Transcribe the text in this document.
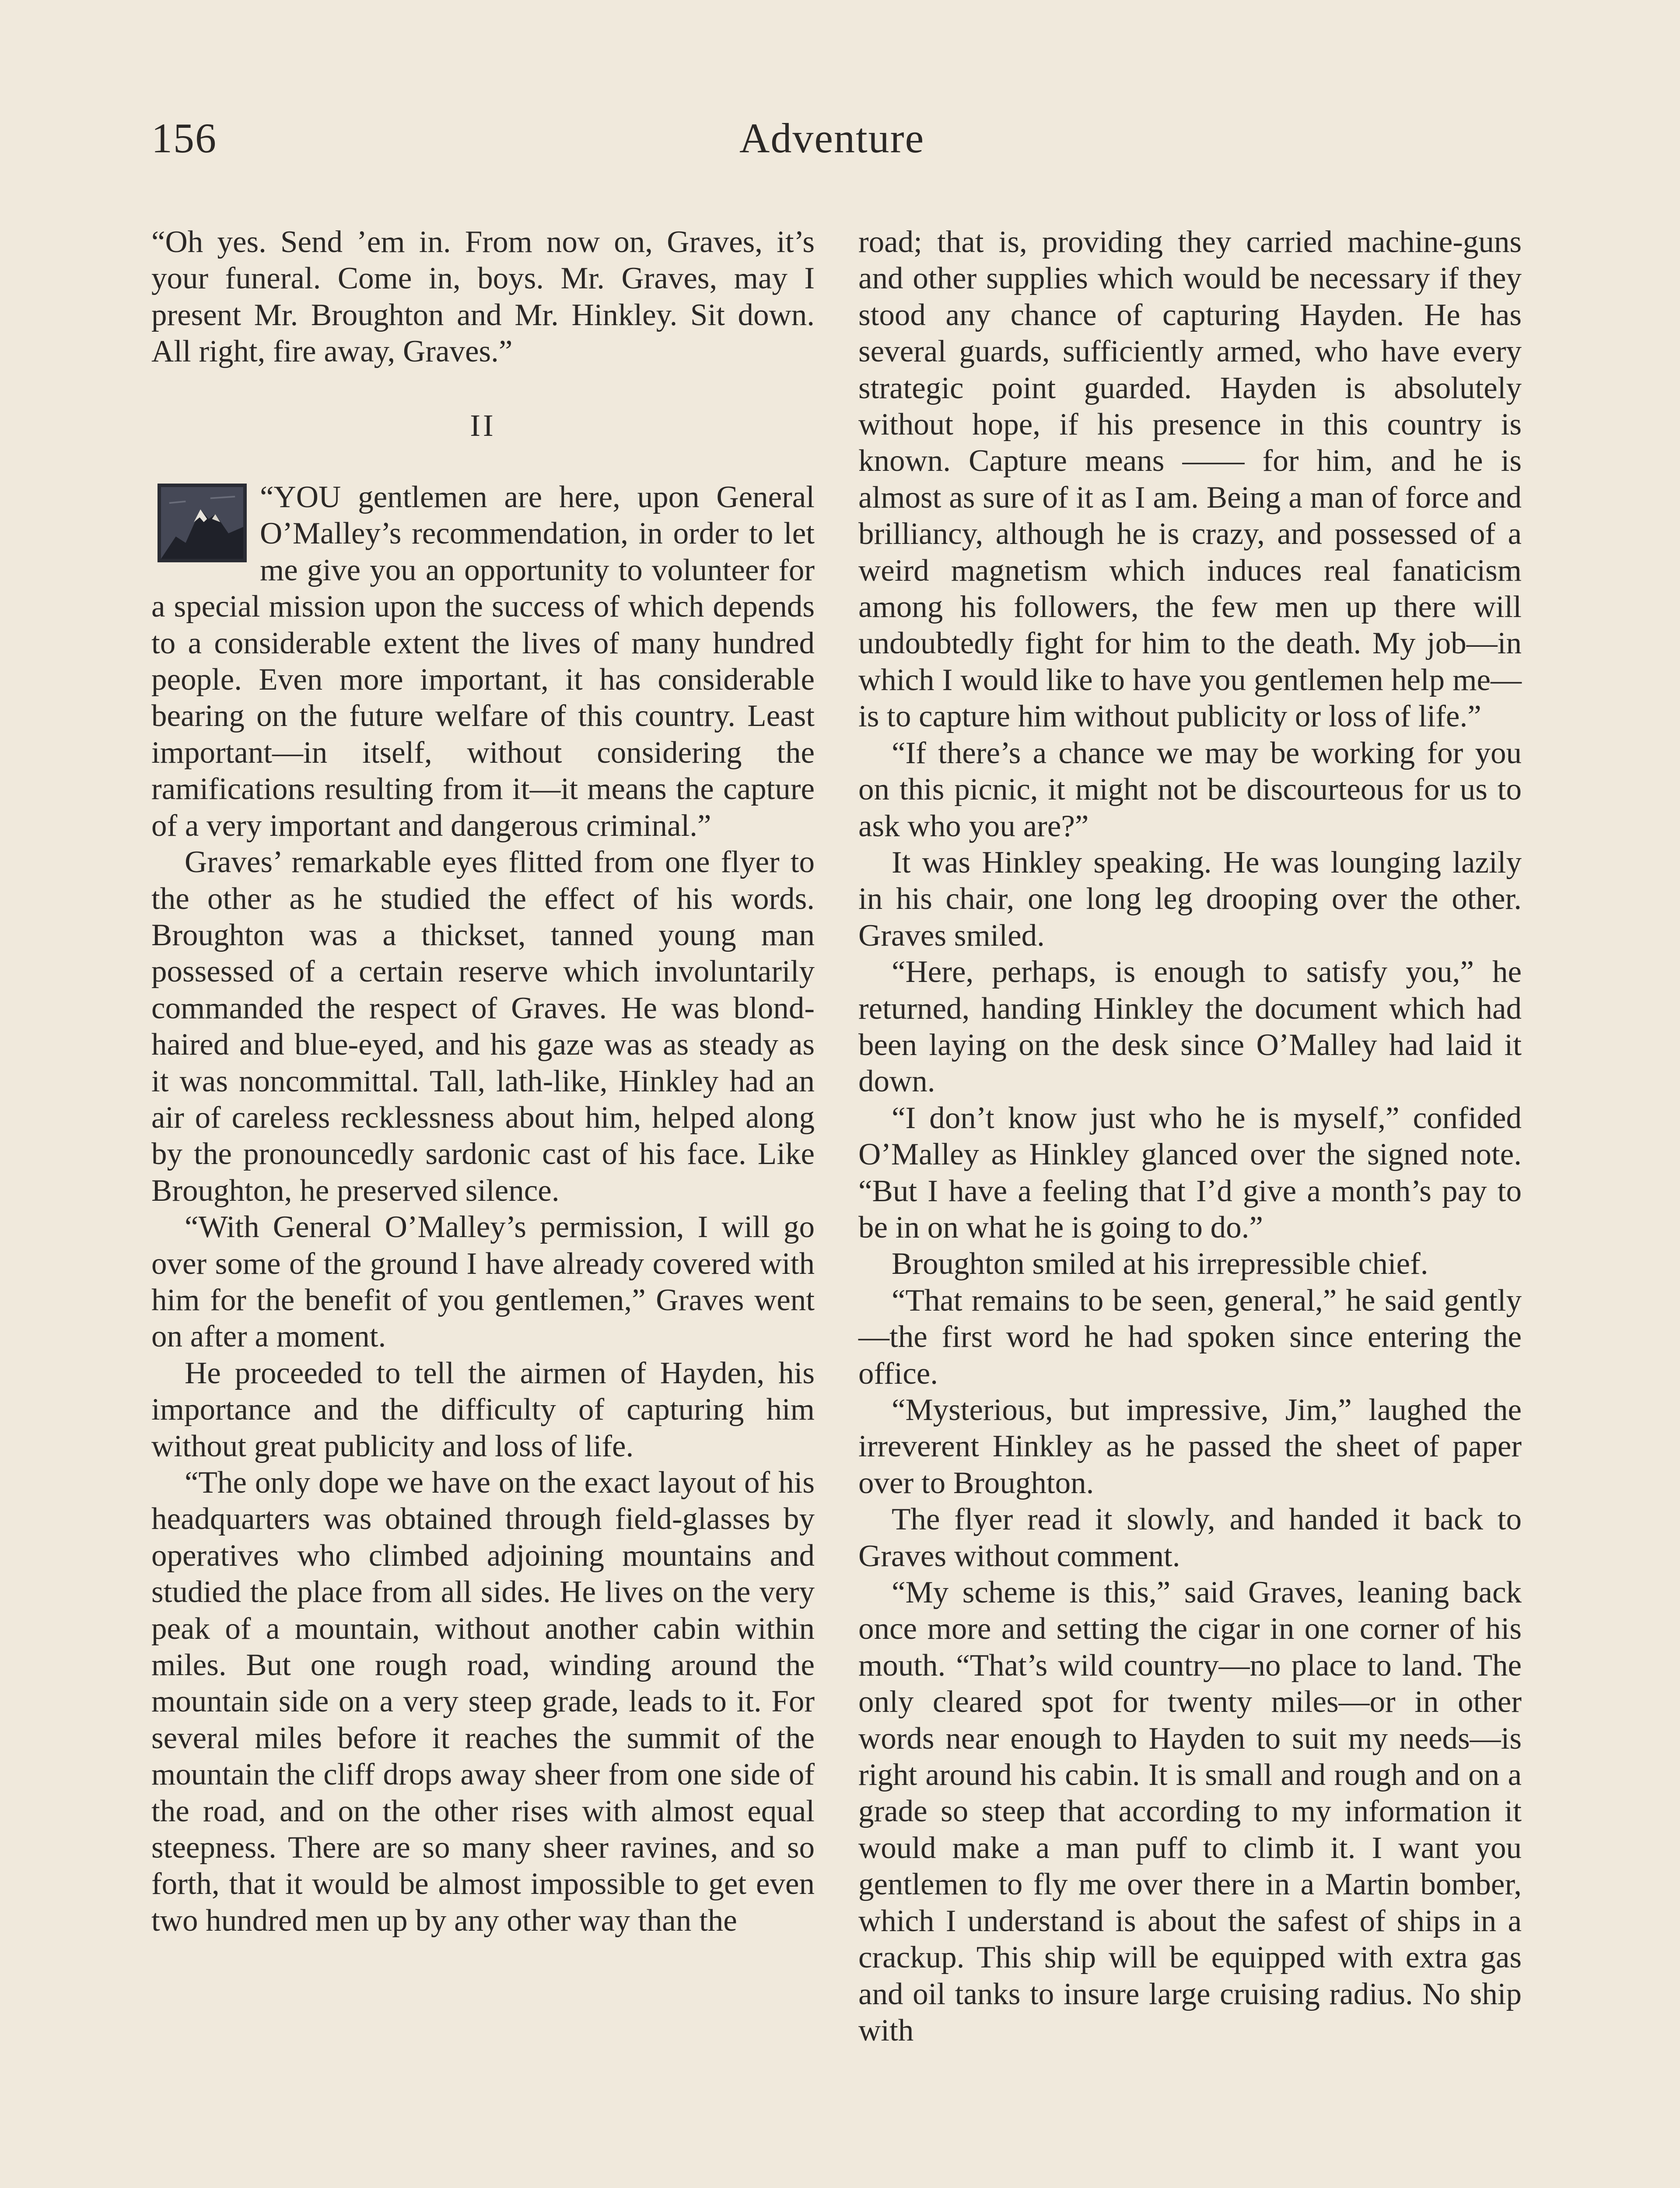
156	Adventure

“Oh yes. Send ’em in. From now on, Graves, it’s your funeral. Come in, boys. Mr. Graves, may I present Mr. Broughton and Mr. Hinkley. Sit down. All right, fire away, Graves.”

II

“YOU gentlemen are here, upon General O’Malley’s recommendation, in order to let me give you an opportunity to volunteer for a special mission upon the success of which depends to a considerable extent the lives of many hundred people. Even more important, it has considerable bearing on the future welfare of this country. Least important—in itself, without considering the ramifications resulting from it—it means the capture of a very important and dangerous criminal.”

Graves’ remarkable eyes flitted from one flyer to the other as he studied the effect of his words. Broughton was a thickset, tanned young man possessed of a certain reserve which involuntarily commanded the respect of Graves. He was blond-haired and blue-eyed, and his gaze was as steady as it was noncommittal. Tall, lath-like, Hinkley had an air of careless recklessness about him, helped along by the pronouncedly sardonic cast of his face. Like Broughton, he preserved silence.

“With General O’Malley’s permission, I will go over some of the ground I have already covered with him for the benefit of you gentlemen,” Graves went on after a moment.

He proceeded to tell the airmen of Hayden, his importance and the difficulty of capturing him without great publicity and loss of life.

“The only dope we have on the exact layout of his headquarters was obtained through field-glasses by operatives who climbed adjoining mountains and studied the place from all sides. He lives on the very peak of a mountain, without another cabin within miles. But one rough road, winding around the mountain side on a very steep grade, leads to it. For several miles before it reaches the summit of the mountain the cliff drops away sheer from one side of the road, and on the other rises with almost equal steepness. There are so many sheer ravines, and so forth, that it would be almost impossible to get even two hundred men up by any other way than the

road; that is, providing they carried machine-guns and other supplies which would be necessary if they stood any chance of capturing Hayden. He has several guards, sufficiently armed, who have every strategic point guarded. Hayden is absolutely without hope, if his presence in this country is known. Capture means —— for him, and he is almost as sure of it as I am. Being a man of force and brilliancy, although he is crazy, and possessed of a weird magnetism which induces real fanaticism among his followers, the few men up there will undoubtedly fight for him to the death. My job—in which I would like to have you gentlemen help me—is to capture him without publicity or loss of life.”

“If there’s a chance we may be working for you on this picnic, it might not be discourteous for us to ask who you are?”

It was Hinkley speaking. He was lounging lazily in his chair, one long leg drooping over the other. Graves smiled.

“Here, perhaps, is enough to satisfy you,” he returned, handing Hinkley the document which had been laying on the desk since O’Malley had laid it down.

“I don’t know just who he is myself,” confided O’Malley as Hinkley glanced over the signed note. “But I have a feeling that I’d give a month’s pay to be in on what he is going to do.”

Broughton smiled at his irrepressible chief.

“That remains to be seen, general,” he said gently—the first word he had spoken since entering the office.

“Mysterious, but impressive, Jim,” laughed the irreverent Hinkley as he passed the sheet of paper over to Broughton.

The flyer read it slowly, and handed it back to Graves without comment.

“My scheme is this,” said Graves, leaning back once more and setting the cigar in one corner of his mouth. “That’s wild country—no place to land. The only cleared spot for twenty miles—or in other words near enough to Hayden to suit my needs—is right around his cabin. It is small and rough and on a grade so steep that according to my information it would make a man puff to climb it. I want you gentlemen to fly me over there in a Martin bomber, which I understand is about the safest of ships in a crackup. This ship will be equipped with extra gas and oil tanks to insure large cruising radius. No ship with
